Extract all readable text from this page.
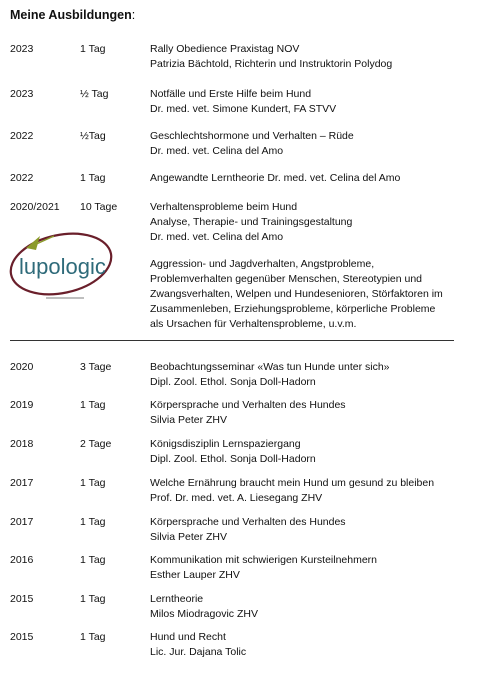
Meine Ausbildungen:
lupologic
2023	1 Tag	Rally Obedience Praxistag NOV
Patrizia Bächtold, Richterin und Instruktorin Polydog
2023	½ Tag	Notfälle und Erste Hilfe beim Hund
Dr. med. vet. Simone Kundert, FA STVV
2022	½Tag	Geschlechtshormone und Verhalten – Rüde
Dr. med. vet. Celina del Amo
2022	1 Tag	Angewandte Lerntheorie Dr. med. vet. Celina del Amo
2020/2021 10 Tage	Verhaltensprobleme beim Hund
Analyse, Therapie- und Trainingsgestaltung
Dr. med. vet. Celina del Amo
Aggression- und Jagdverhalten, Angstprobleme,
Problemverhalten gegenüber Menschen, Stereotypien und
Zwangsverhalten, Welpen und Hundesenioren, Störfaktoren im
Zusammenleben, Erziehungsprobleme, körperliche Probleme
als Ursachen für Verhaltensprobleme, u.v.m.
2020	3 Tage	Beobachtungsseminar «Was tun Hunde unter sich»
Dipl. Zool. Ethol. Sonja Doll-Hadorn
2019	1 Tag	Körpersprache und Verhalten des Hundes
Silvia Peter ZHV
2018	2 Tage	Königsdisziplin Lernspaziergang
Dipl. Zool. Ethol. Sonja Doll-Hadorn
2017	1 Tag	Welche Ernährung braucht mein Hund um gesund zu bleiben
Prof. Dr. med. vet. A. Liesegang ZHV
2017	1 Tag	Körpersprache und Verhalten des Hundes
Silvia Peter ZHV
2016	1 Tag	Kommunikation mit schwierigen Kursteilnehmern
Esther Lauper ZHV
2015	1 Tag	Lerntheorie
Milos Miodragovic ZHV
2015	1 Tag	Hund und Recht
Lic. Jur. Dajana Tolic
